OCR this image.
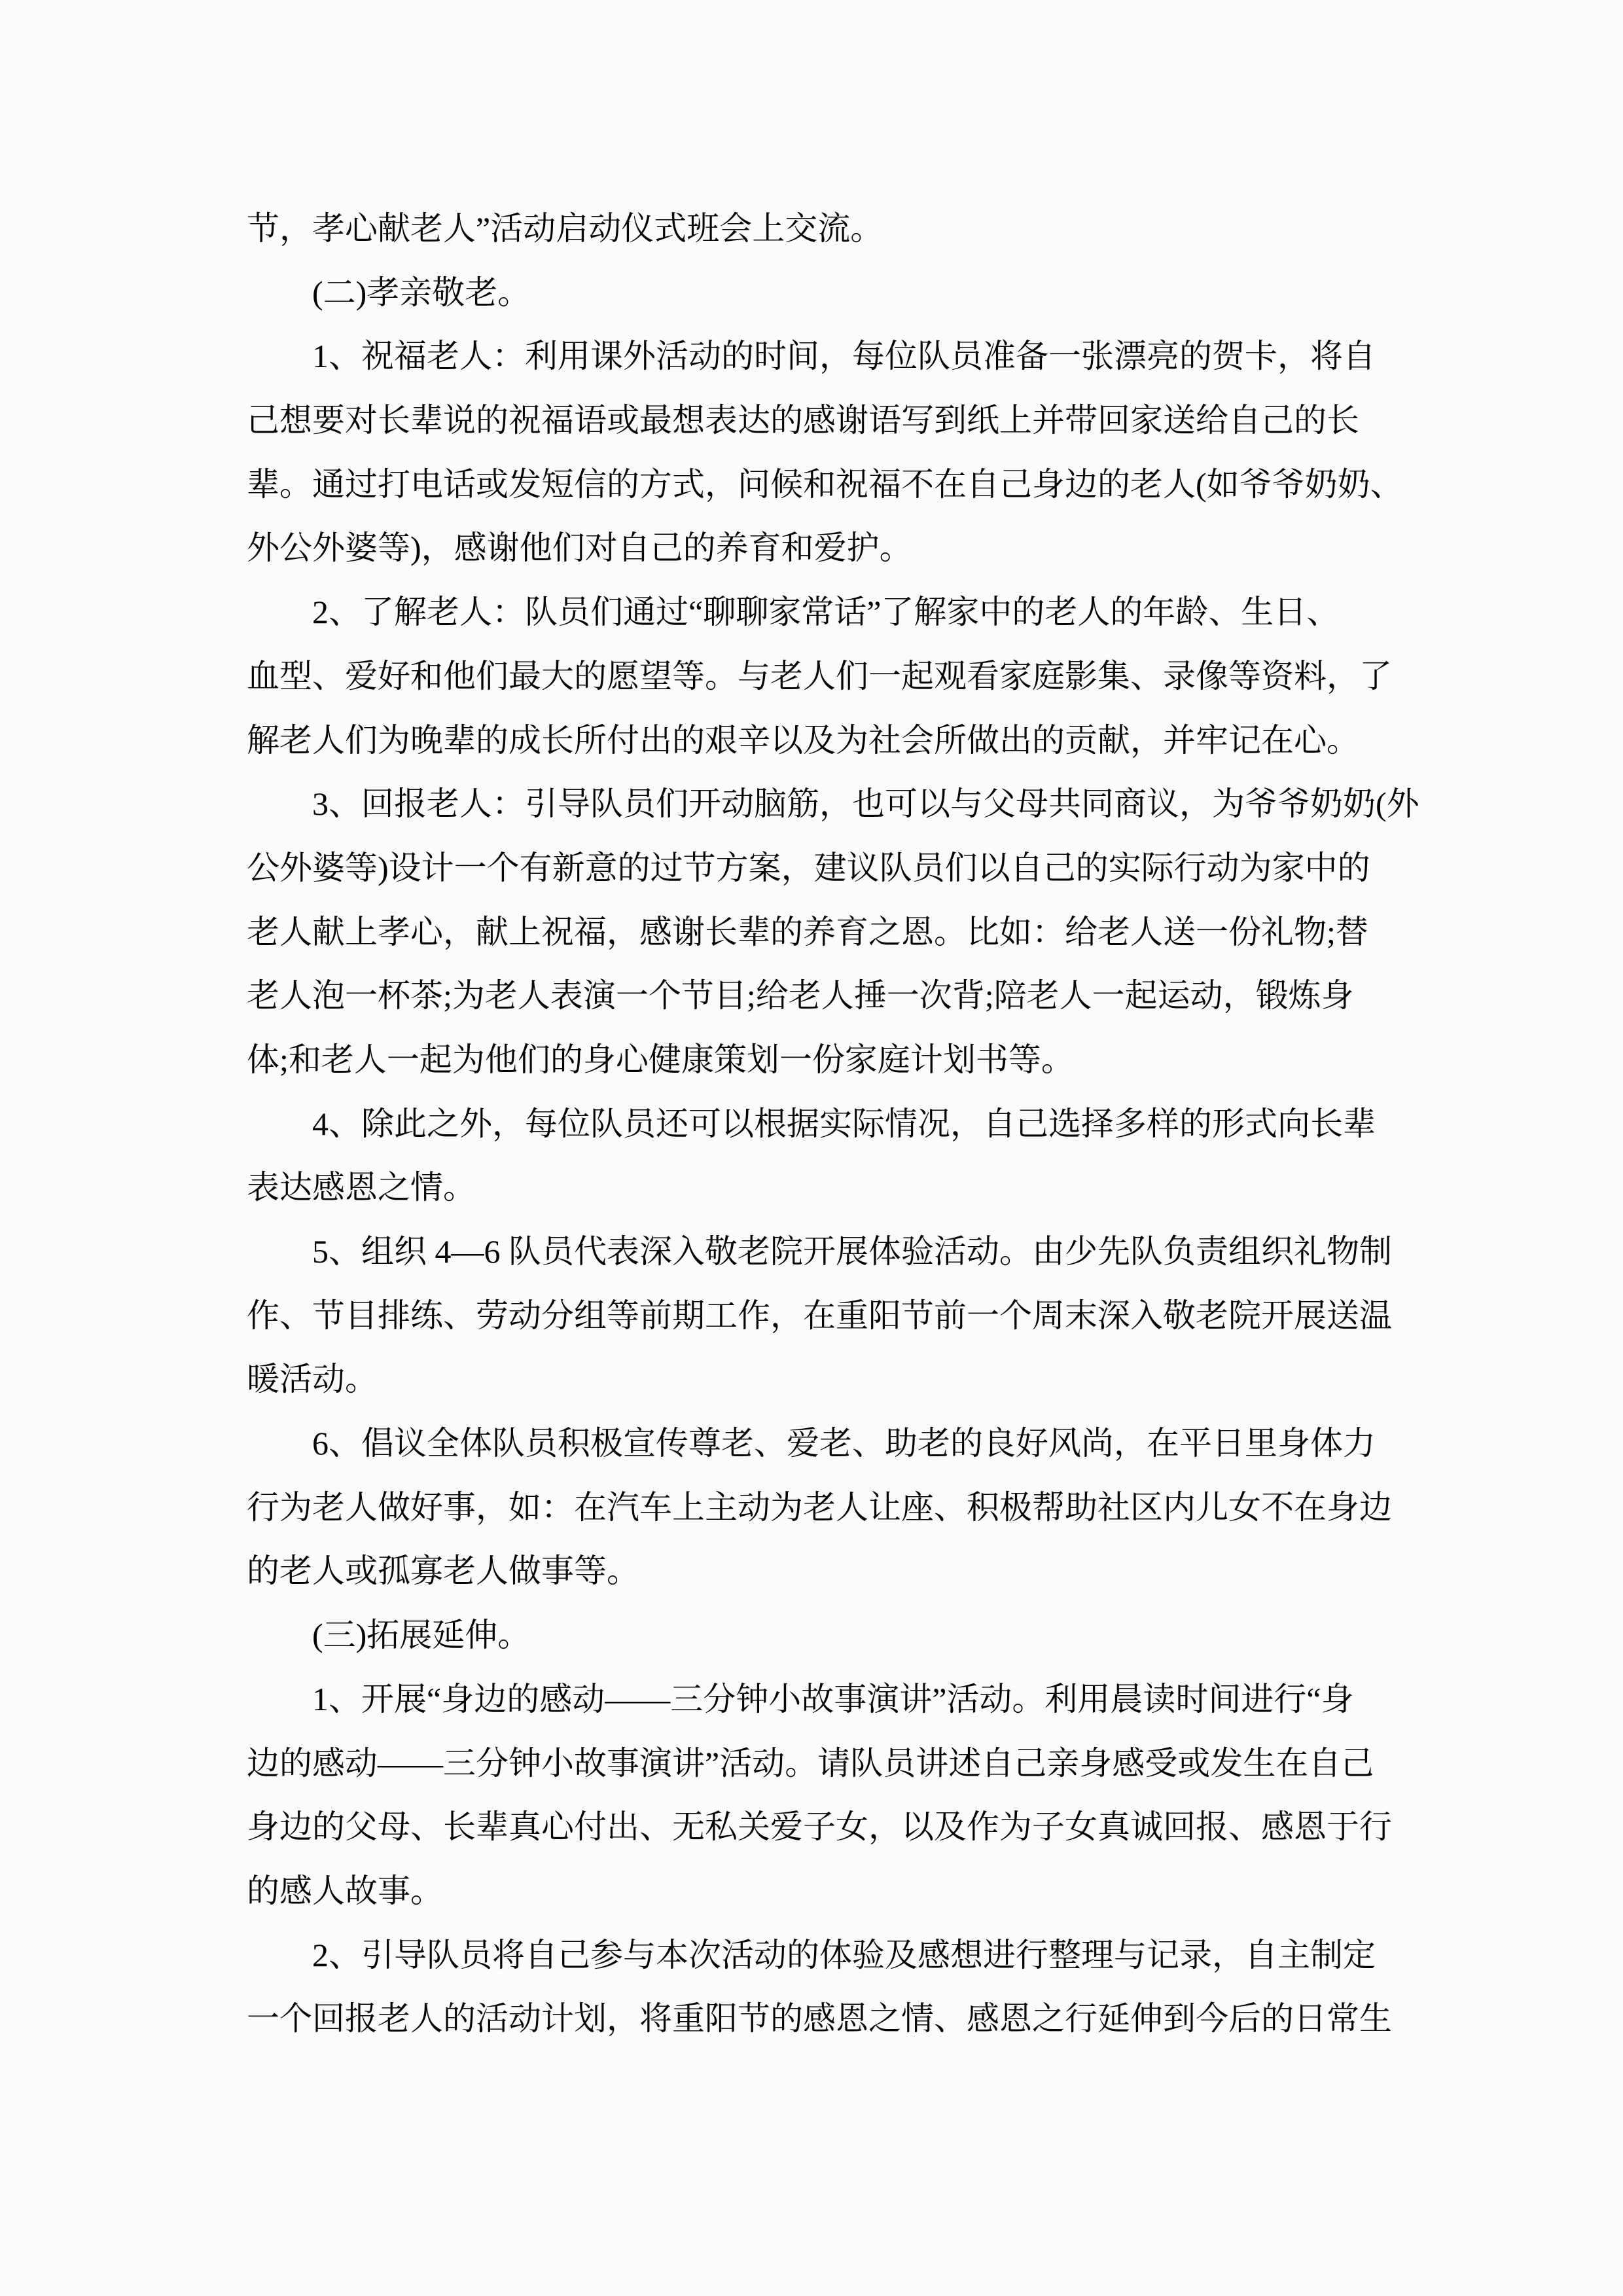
节，孝心献老人”活动启动仪式班会上交流。
(二)孝亲敬老。
1、祝福老人：利用课外活动的时间，每位队员准备一张漂亮的贺卡，将自
己想要对长辈说的祝福语或最想表达的感谢语写到纸上并带回家送给自己的长
辈。通过打电话或发短信的方式，问候和祝福不在自己身边的老人(如爷爷奶奶、
外公外婆等)，感谢他们对自己的养育和爱护。
2、了解老人：队员们通过“聊聊家常话”了解家中的老人的年龄、生日、
血型、爱好和他们最大的愿望等。与老人们一起观看家庭影集、录像等资料，了
解老人们为晚辈的成长所付出的艰辛以及为社会所做出的贡献，并牢记在心。
3、回报老人：引导队员们开动脑筋，也可以与父母共同商议，为爷爷奶奶(外
公外婆等)设计一个有新意的过节方案，建议队员们以自己的实际行动为家中的
老人献上孝心，献上祝福，感谢长辈的养育之恩。比如：给老人送一份礼物;替
老人泡一杯茶;为老人表演一个节目;给老人捶一次背;陪老人一起运动，锻炼身
体;和老人一起为他们的身心健康策划一份家庭计划书等。
4、除此之外，每位队员还可以根据实际情况，自己选择多样的形式向长辈
表达感恩之情。
5、组织 4—6 队员代表深入敬老院开展体验活动。由少先队负责组织礼物制
作、节目排练、劳动分组等前期工作，在重阳节前一个周末深入敬老院开展送温
暖活动。
6、倡议全体队员积极宣传尊老、爱老、助老的良好风尚，在平日里身体力
行为老人做好事，如：在汽车上主动为老人让座、积极帮助社区内儿女不在身边
的老人或孤寡老人做事等。
(三)拓展延伸。
1、开展“身边的感动——三分钟小故事演讲”活动。利用晨读时间进行“身
边的感动——三分钟小故事演讲”活动。请队员讲述自己亲身感受或发生在自己
身边的父母、长辈真心付出、无私关爱子女，以及作为子女真诚回报、感恩于行
的感人故事。
2、引导队员将自己参与本次活动的体验及感想进行整理与记录，自主制定
一个回报老人的活动计划，将重阳节的感恩之情、感恩之行延伸到今后的日常生
